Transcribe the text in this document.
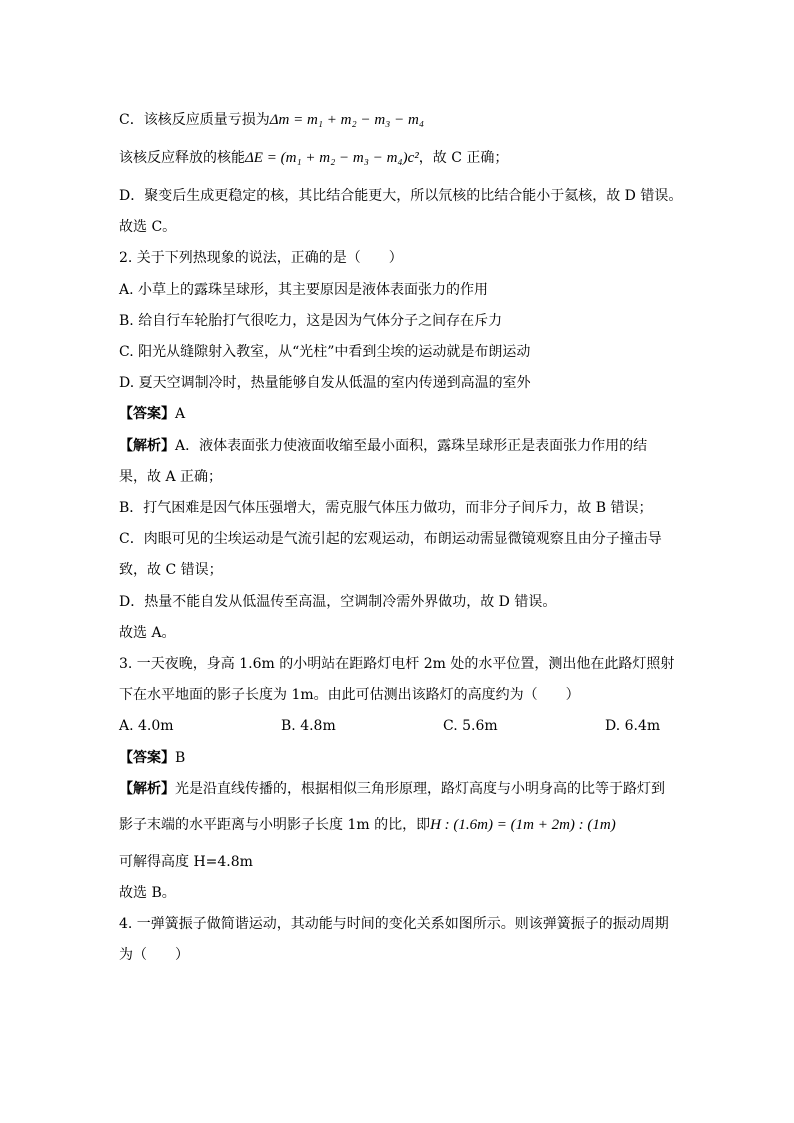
C．该核反应质量亏损为Δm = m₁ + m₂ − m₃ − m₄
该核反应释放的核能ΔE = (m₁ + m₂ − m₃ − m₄)c²，故 C 正确；
D．聚变后生成更稳定的核，其比结合能更大，所以氘核的比结合能小于氦核，故 D 错误。
故选 C。
2. 关于下列热现象的说法，正确的是（　　）
A. 小草上的露珠呈球形，其主要原因是液体表面张力的作用
B. 给自行车轮胎打气很吃力，这是因为气体分子之间存在斥力
C. 阳光从缝隙射入教室，从“光柱”中看到尘埃的运动就是布朗运动
D. 夏天空调制冷时，热量能够自发从低温的室内传递到高温的室外
【答案】A
【解析】A．液体表面张力使液面收缩至最小面积，露珠呈球形正是表面张力作用的结
果，故 A 正确；
B．打气困难是因气体压强增大，需克服气体压力做功，而非分子间斥力，故 B 错误；
C．肉眼可见的尘埃运动是气流引起的宏观运动，布朗运动需显微镜观察且由分子撞击导
致，故 C 错误；
D．热量不能自发从低温传至高温，空调制冷需外界做功，故 D 错误。
故选 A。
3. 一天夜晚，身高 1.6m 的小明站在距路灯电杆 2m 处的水平位置，测出他在此路灯照射
下在水平地面的影子长度为 1m。由此可估测出该路灯的高度约为（　　）
A. 4.0m	B. 4.8m	C. 5.6m	D. 6.4m
【答案】B
【解析】光是沿直线传播的，根据相似三角形原理，路灯高度与小明身高的比等于路灯到
影子末端的水平距离与小明影子长度 1m 的比，即H : (1.6m) = (1m + 2m) : (1m)
可解得高度 H=4.8m
故选 B。
4. 一弹簧振子做简谐运动，其动能与时间的变化关系如图所示。则该弹簧振子的振动周期
为（　　）
